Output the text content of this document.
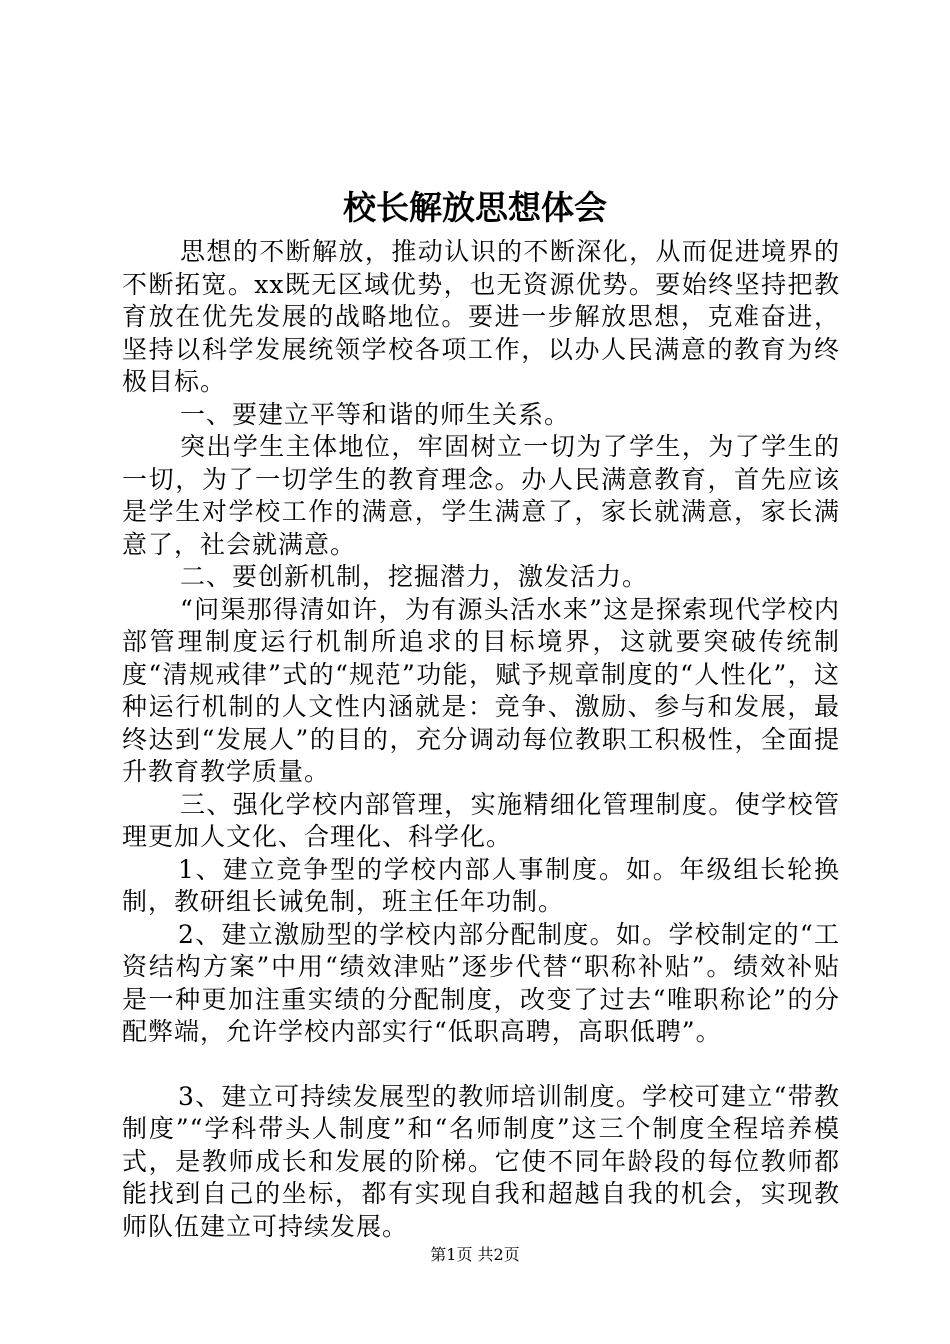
校长解放思想体会

思想的不断解放，推动认识的不断深化，从而促进境界的不断拓宽。xx既无区域优势，也无资源优势。要始终坚持把教育放在优先发展的战略地位。要进一步解放思想，克难奋进，坚持以科学发展统领学校各项工作，以办人民满意的教育为终极目标。

一、要建立平等和谐的师生关系。

突出学生主体地位，牢固树立一切为了学生，为了学生的一切，为了一切学生的教育理念。办人民满意教育，首先应该是学生对学校工作的满意，学生满意了，家长就满意，家长满意了，社会就满意。

二、要创新机制，挖掘潜力，激发活力。

“问渠那得清如许，为有源头活水来”这是探索现代学校内部管理制度运行机制所追求的目标境界，这就要突破传统制度“清规戒律”式的“规范”功能，赋予规章制度的“人性化”，这种运行机制的人文性内涵就是：竞争、激励、参与和发展，最终达到“发展人”的目的，充分调动每位教职工积极性，全面提升教育教学质量。

三、强化学校内部管理，实施精细化管理制度。使学校管理更加人文化、合理化、科学化。

1、建立竞争型的学校内部人事制度。如。年级组长轮换制，教研组长诫免制，班主任年功制。

2、建立激励型的学校内部分配制度。如。学校制定的“工资结构方案”中用“绩效津贴”逐步代替“职称补贴”。绩效补贴是一种更加注重实绩的分配制度，改变了过去“唯职称论”的分配弊端，允许学校内部实行“低职高聘，高职低聘”。

3、建立可持续发展型的教师培训制度。学校可建立“带教制度”“学科带头人制度”和“名师制度”这三个制度全程培养模式，是教师成长和发展的阶梯。它使不同年龄段的每位教师都能找到自己的坐标，都有实现自我和超越自我的机会，实现教师队伍建立可持续发展。

第1页 共2页
